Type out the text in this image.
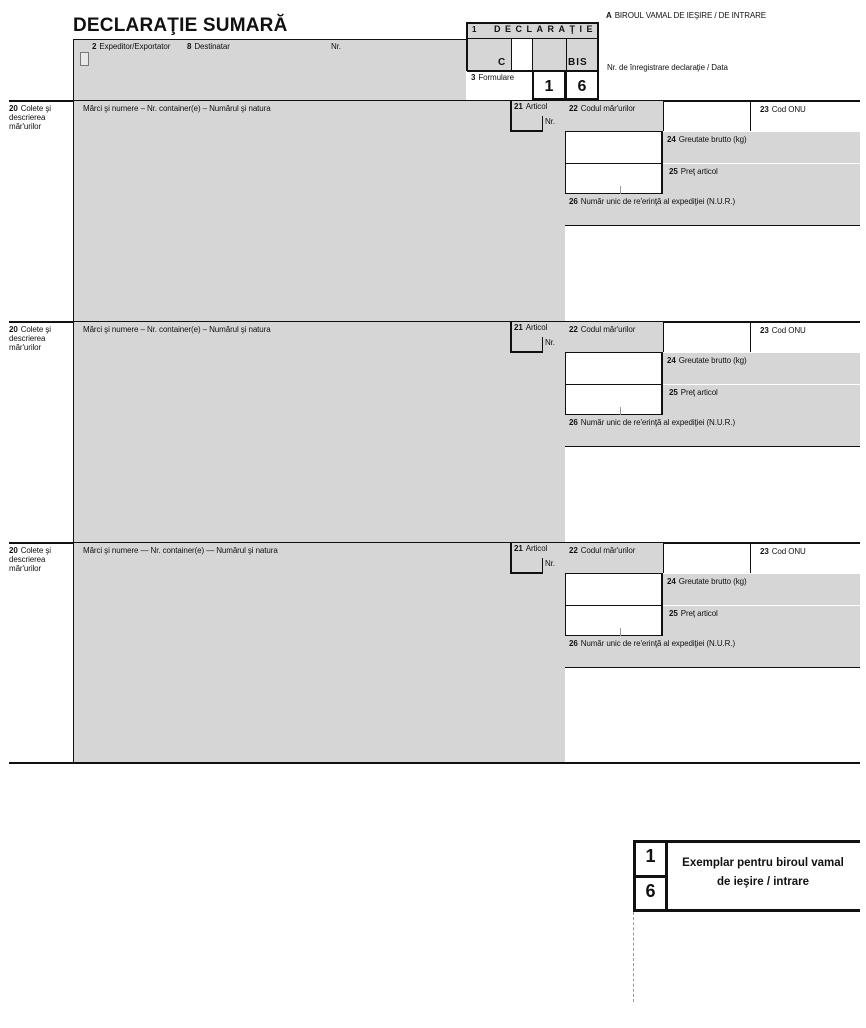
DECLARAŢIE SUMARĂ
2 Expeditor/Exportator 8 Destinatar	Nr.
1 DECLARAŢIE
C	BIS
3 Formulare
1	6
A BIROUL VAMAL DE IEŞIRE / DE INTRARE
Nr. de înregistrare declaraţie / Data
20 Colete şi descrierea măr'urilor
Mărci şi numere – Nr. container(e) – Numărul şi natura	21 Articol
Nr.
22 Codul măr'urilor	23 Cod ONU
24 Greutate brutto (kg)
25 Preţ articol
26 Număr unic de re'erinţă al expediţiei (N.U.R.)
20 Colete şi descrierea măr'urilor
Mărci şi numere – Nr. container(e) – Numărul şi natura	21 Articol
Nr.
22 Codul măr'urilor	23 Cod ONU
24 Greutate brutto (kg)
25 Preţ articol
26 Număr unic de re'erinţă al expediţiei (N.U.R.)
20 Colete şi descrierea măr'urilor
Mărci şi numere — Nr. container(e) — Numărul şi natura	21 Articol
Nr.
22 Codul măr'urilor	23 Cod ONU
24 Greutate brutto (kg)
25 Preţ articol
26 Număr unic de re'erinţă al expediţiei (N.U.R.)
1
6
Exemplar pentru biroul vamal
de ieşire / intrare
